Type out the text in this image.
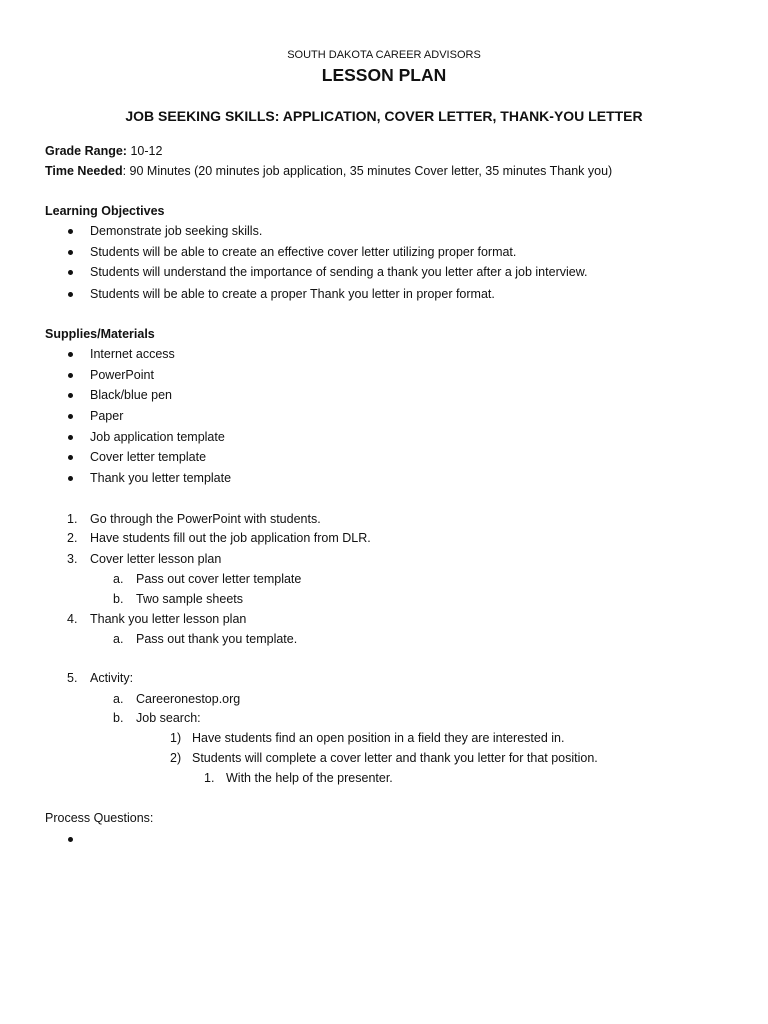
SOUTH DAKOTA CAREER ADVISORS
LESSON PLAN
JOB SEEKING SKILLS: APPLICATION, COVER LETTER, THANK-YOU LETTER
Grade Range: 10-12
Time Needed: 90 Minutes (20 minutes job application, 35 minutes Cover letter, 35 minutes Thank you)
Learning Objectives
Demonstrate job seeking skills.
Students will be able to create an effective cover letter utilizing proper format.
Students will understand the importance of sending a thank you letter after a job interview.
Students will be able to create a proper Thank you letter in proper format.
Supplies/Materials
Internet access
PowerPoint
Black/blue pen
Paper
Job application template
Cover letter template
Thank you letter template
1. Go through the PowerPoint with students.
2. Have students fill out the job application from DLR.
3. Cover letter lesson plan
a. Pass out cover letter template
b. Two sample sheets
4. Thank you letter lesson plan
a. Pass out thank you template.
5. Activity:
a. Careeronestop.org
b. Job search:
1) Have students find an open position in a field they are interested in.
2) Students will complete a cover letter and thank you letter for that position.
1. With the help of the presenter.
Process Questions:
